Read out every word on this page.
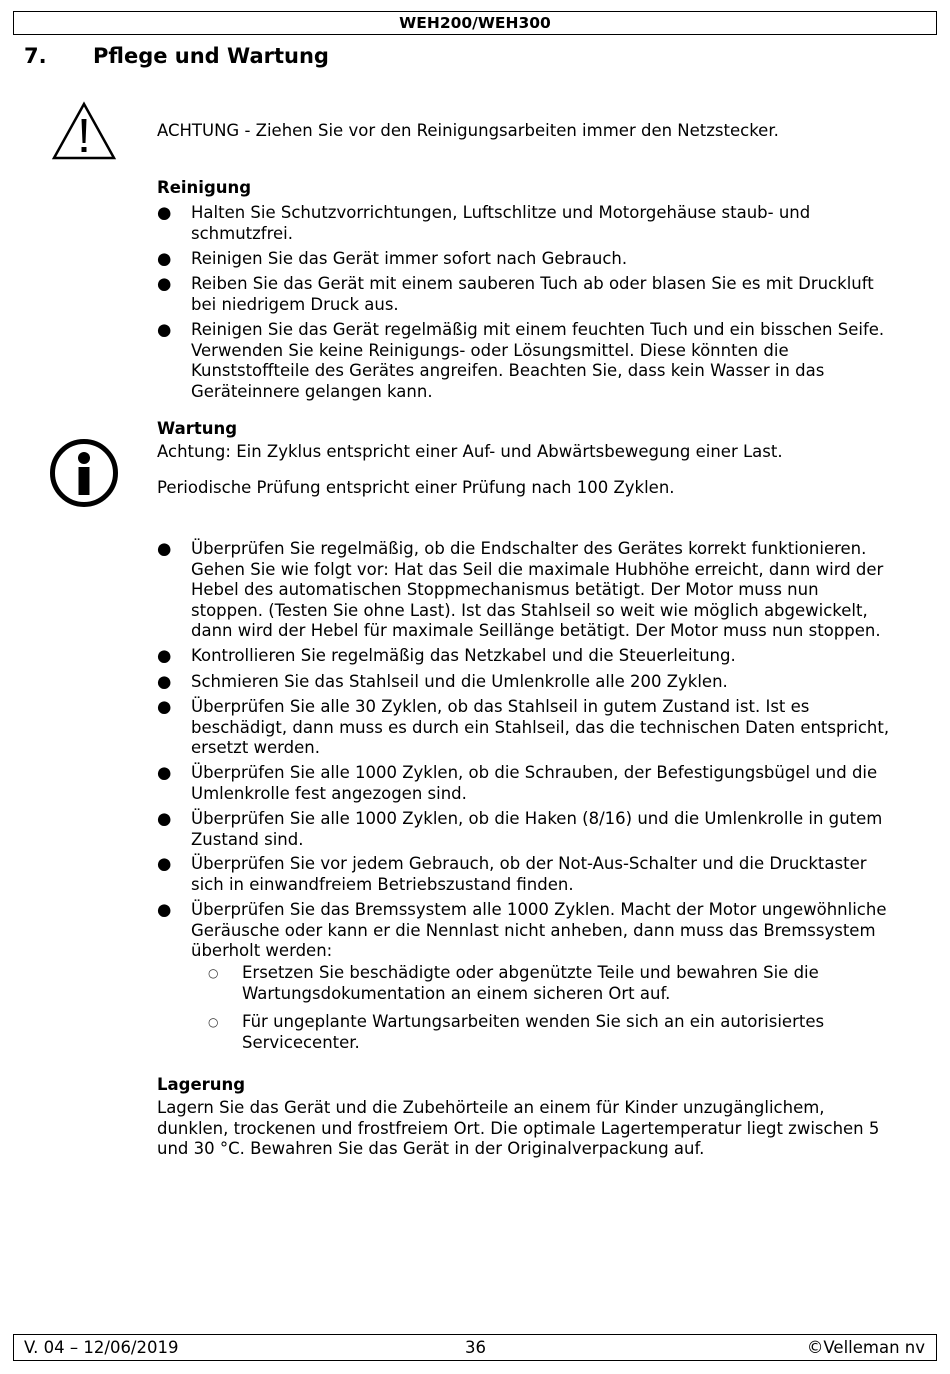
WEH200/WEH300
7. Pflege und Wartung
ACHTUNG - Ziehen Sie vor den Reinigungsarbeiten immer den Netzstecker.
Reinigung
●	Halten Sie Schutzvorrichtungen, Luftschlitze und Motorgehäuse staub- und
schmutzfrei.
●	Reinigen Sie das Gerät immer sofort nach Gebrauch.
●	Reiben Sie das Gerät mit einem sauberen Tuch ab oder blasen Sie es mit Druckluft
bei niedrigem Druck aus.
●	Reinigen Sie das Gerät regelmäßig mit einem feuchten Tuch und ein bisschen Seife.
Verwenden Sie keine Reinigungs- oder Lösungsmittel. Diese könnten die
Kunststoffteile des Gerätes angreifen. Beachten Sie, dass kein Wasser in das
Geräteinnere gelangen kann.
Wartung
Achtung: Ein Zyklus entspricht einer Auf- und Abwärtsbewegung einer Last.
Periodische Prüfung entspricht einer Prüfung nach 100 Zyklen.
●	Überprüfen Sie regelmäßig, ob die Endschalter des Gerätes korrekt funktionieren.
Gehen Sie wie folgt vor: Hat das Seil die maximale Hubhöhe erreicht, dann wird der
Hebel des automatischen Stoppmechanismus betätigt. Der Motor muss nun
stoppen. (Testen Sie ohne Last). Ist das Stahlseil so weit wie möglich abgewickelt,
dann wird der Hebel für maximale Seillänge betätigt. Der Motor muss nun stoppen.
●	Kontrollieren Sie regelmäßig das Netzkabel und die Steuerleitung.
●	Schmieren Sie das Stahlseil und die Umlenkrolle alle 200 Zyklen.
●	Überprüfen Sie alle 30 Zyklen, ob das Stahlseil in gutem Zustand ist. Ist es
beschädigt, dann muss es durch ein Stahlseil, das die technischen Daten entspricht,
ersetzt werden.
●	Überprüfen Sie alle 1000 Zyklen, ob die Schrauben, der Befestigungsbügel und die
Umlenkrolle fest angezogen sind.
●	Überprüfen Sie alle 1000 Zyklen, ob die Haken (8/16) und die Umlenkrolle in gutem
Zustand sind.
●	Überprüfen Sie vor jedem Gebrauch, ob der Not-Aus-Schalter und die Drucktaster
sich in einwandfreiem Betriebszustand finden.
●	Überprüfen Sie das Bremssystem alle 1000 Zyklen. Macht der Motor ungewöhnliche
Geräusche oder kann er die Nennlast nicht anheben, dann muss das Bremssystem
überholt werden:
○ Ersetzen Sie beschädigte oder abgenützte Teile und bewahren Sie die
Wartungsdokumentation an einem sicheren Ort auf.
○ Für ungeplante Wartungsarbeiten wenden Sie sich an ein autorisiertes
Servicecenter.
Lagerung
Lagern Sie das Gerät und die Zubehörteile an einem für Kinder unzugänglichem,
dunklen, trockenen und frostfreiem Ort. Die optimale Lagertemperatur liegt zwischen 5
und 30 °C. Bewahren Sie das Gerät in der Originalverpackung auf.
V. 04 – 12/06/2019	36	©Velleman nv
